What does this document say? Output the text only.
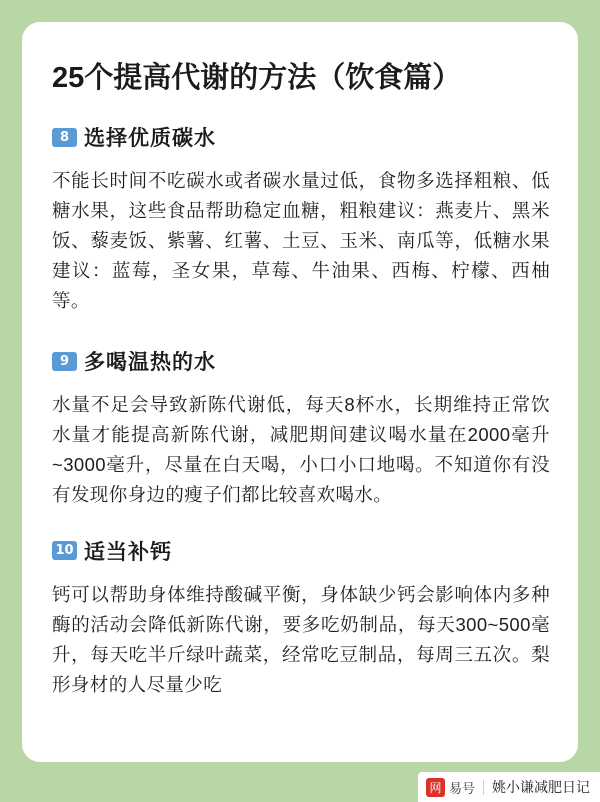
25个提高代谢的方法（饮食篇）
8 选择优质碳水

不能长时间不吃碳水或者碳水量过低，食物多选择粗粮、低糖水果，这些食品帮助稳定血糖，粗粮建议：燕麦片、黑米饭、藜麦饭、紫薯、红薯、土豆、玉米、南瓜等，低糖水果建议：蓝莓，圣女果，草莓、牛油果、西梅、柠檬、西柚等。

9 多喝温热的水

水量不足会导致新陈代谢低，每天8杯水，长期维持正常饮水量才能提高新陈代谢，减肥期间建议喝水量在2000毫升~3000毫升，尽量在白天喝，小口小口地喝。不知道你有没有发现你身边的瘦子们都比较喜欢喝水。

10 适当补钙

钙可以帮助身体维持酸碱平衡，身体缺少钙会影响体内多种酶的活动会降低新陈代谢，要多吃奶制品，每天300~500毫升，每天吃半斤绿叶蔬菜，经常吃豆制品，每周三五次。梨形身材的人尽量少吃

网 易号 姚小谦减肥日记
